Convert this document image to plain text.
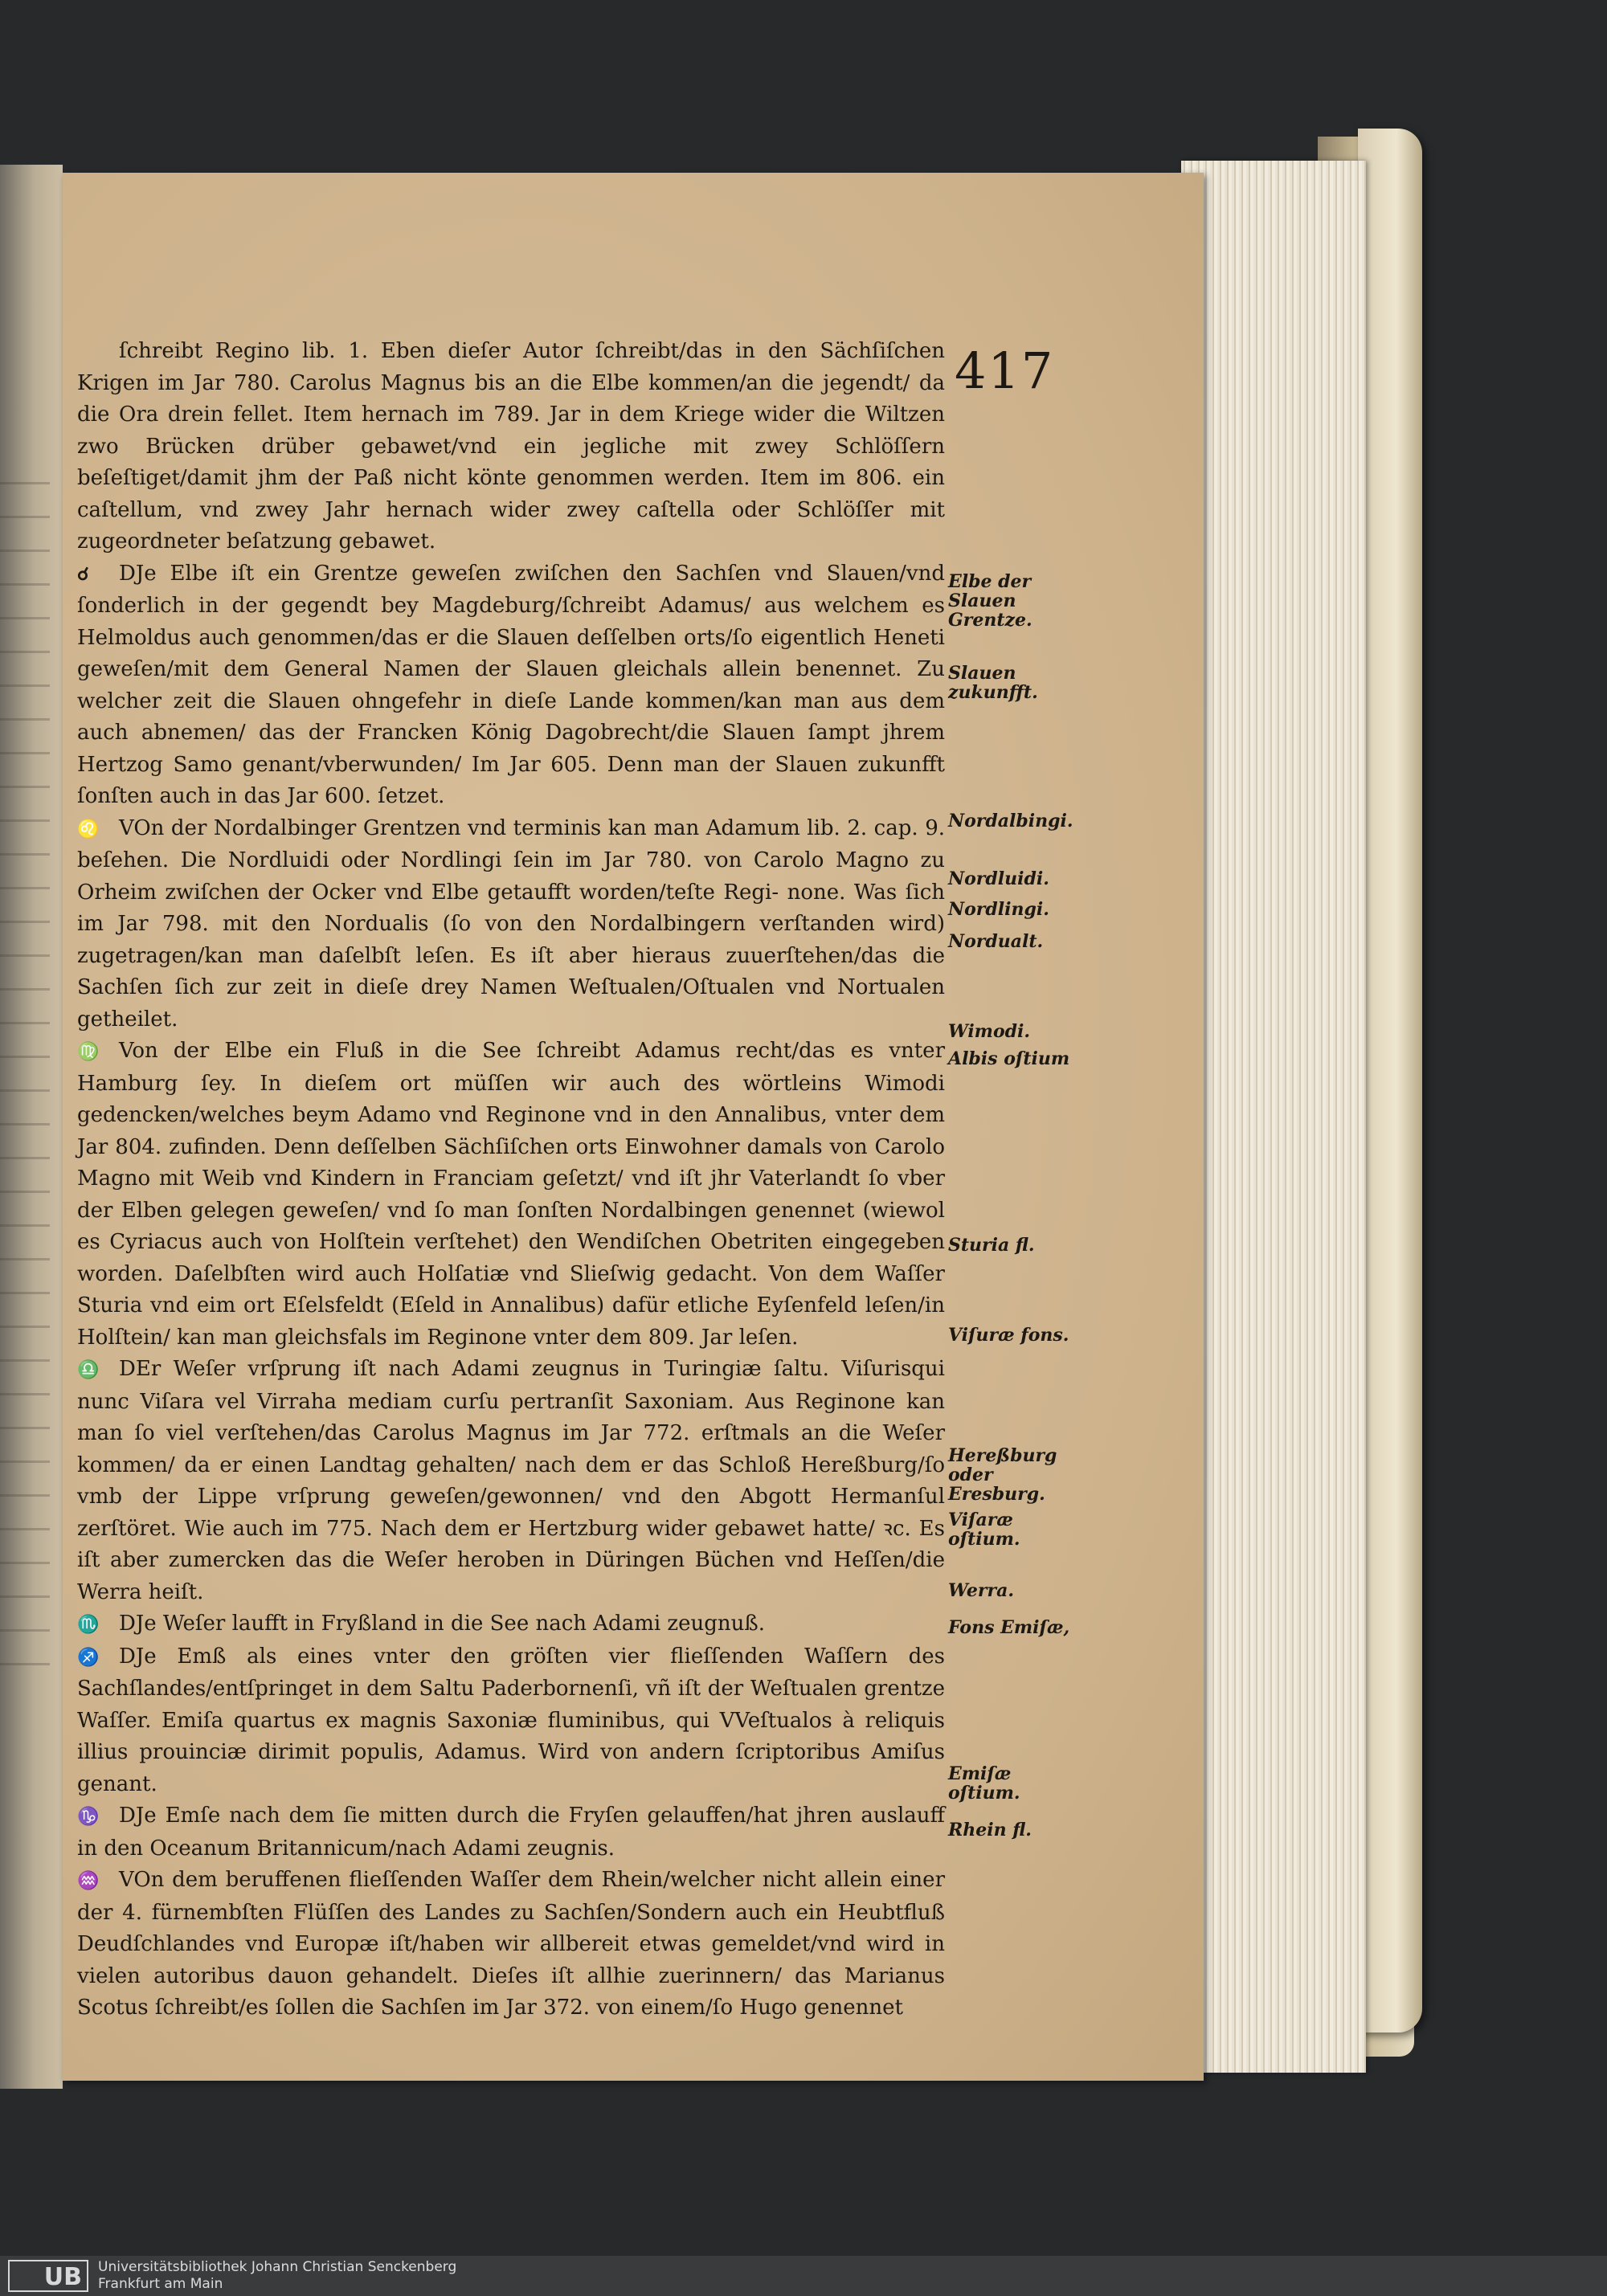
417

ſchreibt Regino lib. 1. Eben dieſer Autor ſchreibt/das in den Sächſiſchen Krigen im Jar 780. Carolus Magnus bis an die Elbe kommen/an die jegendt/ da die Ora drein fellet. Item hernach im 789. Jar in dem Kriege wider die Wiltzen zwo Brücken drüber gebawet/vnd ein jegliche mit zwey Schlöſſern beſeſtiget/damit jhm der Paß nicht könte genommen werden. Item im 806. ein caſtellum, vnd zwey Jahr hernach wider zwey caſtella oder Schlöſſer mit zugeordneter beſatzung gebawet.

☌ DJe Elbe iſt ein Grentze geweſen zwiſchen den Sachſen vnd Slauen/vnd ſonderlich in der gegendt bey Magdeburg/ſchreibt Adamus/ aus welchem es Helmoldus auch genommen/das er die Slauen deſſelben orts/ſo eigentlich Heneti geweſen/mit dem General Namen der Slauen gleichals allein benennet. Zu welcher zeit die Slauen ohngefehr in dieſe Lande kommen/kan man aus dem auch abnemen/ das der Francken König Dagobrecht/die Slauen ſampt jhrem Hertzog Samo genant/vberwunden/ Im Jar 605. Denn man der Slauen zukunfft ſonſten auch in das Jar 600. ſetzet.

♌ VOn der Nordalbinger Grentzen vnd terminis kan man Adamum lib. 2. cap. 9. beſehen. Die Nordluidi oder Nordlingi ſein im Jar 780. von Carolo Magno zu Orheim zwiſchen der Ocker vnd Elbe getaufft worden/teſte Regi‑ none. Was ſich im Jar 798. mit den Nordualis (ſo von den Nordalbingern verſtanden wird) zugetragen/kan man daſelbſt leſen. Es iſt aber hieraus zuuerſtehen/das die Sachſen ſich zur zeit in dieſe drey Namen Weſtualen/Oſtualen vnd Nortualen getheilet.

♍ Von der Elbe ein Fluß in die See ſchreibt Adamus recht/das es vnter Hamburg ſey. In dieſem ort müſſen wir auch des wörtleins Wimodi gedencken/welches beym Adamo vnd Reginone vnd in den Annalibus, vnter dem Jar 804. zufinden. Denn deſſelben Sächſiſchen orts Einwohner damals von Carolo Magno mit Weib vnd Kindern in Franciam geſetzt/ vnd iſt jhr Vaterlandt ſo vber der Elben gelegen geweſen/ vnd ſo man ſonſten Nordalbingen genennet (wiewol es Cyriacus auch von Holſtein verſtehet) den Wendiſchen Obetriten eingegeben worden. Daſelbſten wird auch Holſatiæ vnd Slieſwig gedacht. Von dem Waſſer Sturia vnd eim ort Eſelsfeldt (Eſeld in Annalibus) dafür etliche Eyſenfeld leſen/in Holſtein/ kan man gleichsfals im Reginone vnter dem 809. Jar leſen.

♎ DEr Weſer vrſprung iſt nach Adami zeugnus in Turingiæ ſaltu. Viſurisqui nunc Viſara vel Virraha mediam curſu pertranſit Saxoniam. Aus Reginone kan man ſo viel verſtehen/das Carolus Magnus im Jar 772. erſtmals an die Weſer kommen/ da er einen Landtag gehalten/ nach dem er das Schloß Hereßburg/ſo vmb der Lippe vrſprung geweſen/gewonnen/ vnd den Abgott Hermanſul zerſtöret. Wie auch im 775. Nach dem er Hertzburg wider gebawet hatte/ ꝛc. Es iſt aber zumercken das die Weſer heroben in Düringen Büchen vnd Heſſen/die Werra heiſt.

♏ DJe Weſer laufft in Fryßland in die See nach Adami zeugnuß.

♐ DJe Emß als eines vnter den gröſten vier flieſſenden Waſſern des Sachſlandes/entſpringet in dem Saltu Paderbornenſi, vñ iſt der Weſtualen grentze Waſſer. Emiſa quartus ex magnis Saxoniæ fluminibus, qui VVeſtualos à reliquis illius prouinciæ dirimit populis, Adamus. Wird von andern ſcriptoribus Amiſus genant.

♑ DJe Emſe nach dem ſie mitten durch die Fryſen gelauffen/hat jhren auslauff in den Oceanum Britannicum/nach Adami zeugnis.

♒ VOn dem beruffenen flieſſenden Waſſer dem Rhein/welcher nicht allein einer der 4. fürnembſten Flüſſen des Landes zu Sachſen/Sondern auch ein Heubtfluß Deudſchlandes vnd Europæ iſt/haben wir allbereit etwas gemeldet/vnd wird in vielen autoribus dauon gehandelt. Dieſes iſt allhie zuerinnern/ das Marianus Scotus ſchreibt/es ſollen die Sachſen im Jar 372. von einem/ſo Hugo genennet

Elbe der Slauen Grentze.
Slauen zukunfft.
Nordalbingi.
Nordluidi.
Nordlingi.
Nordualt.
Wimodi.
Albis oſtium
Sturia fl.
Viſuræ fons.
Hereßburg oder Eresburg.
Viſaræ oſtium.
Werra.
Fons Emiſæ,
Emiſæ oſtium.
Rhein fl.
UB	Universitätsbibliothek Johann Christian Senckenberg
Frankfurt am Main
